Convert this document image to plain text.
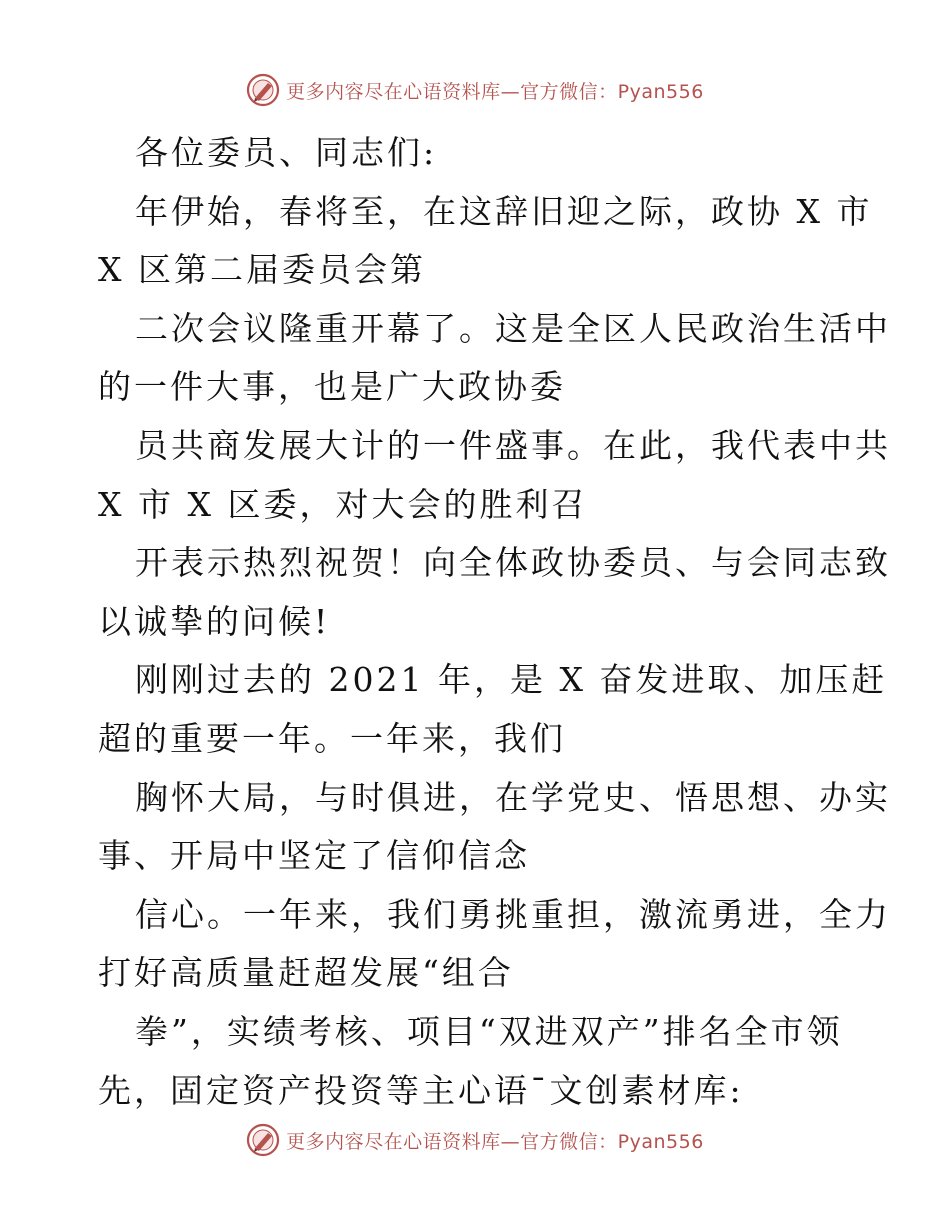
更多内容尽在心语资料库—官方微信：Pyan556
各位委员、同志们:
年伊始，春将至，在这辞旧迎之际，政协 X 市
X 区第二届委员会第
二次会议隆重开幕了。这是全区人民政治生活中
的一件大事，也是广大政协委
员共商发展大计的一件盛事。在此，我代表中共
X 市 X 区委，对大会的胜利召
开表示热烈祝贺！向全体政协委员、与会同志致
以诚挚的问候!
刚刚过去的 2021 年，是 X 奋发进取、加压赶
超的重要一年。一年来，我们
胸怀大局，与时俱进，在学党史、悟思想、办实
事、开局中坚定了信仰信念
信心。一年来，我们勇挑重担，激流勇进，全力
打好高质量赶超发展“组合
拳”，实绩考核、项目“双进双产”排名全市领
先，固定资产投资等主心语¯文创素材库:
更多内容尽在心语资料库—官方微信：Pyan556
